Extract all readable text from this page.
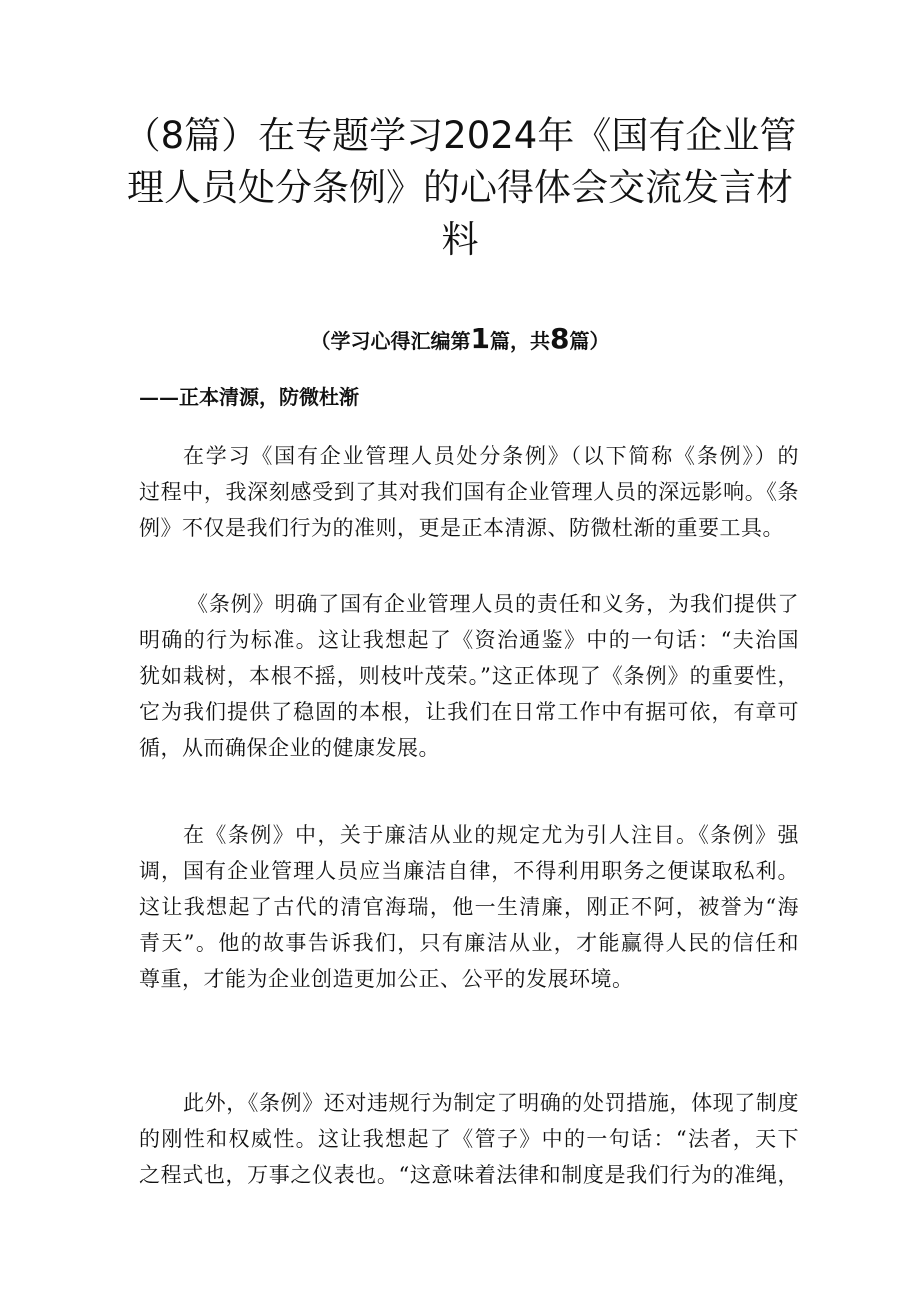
（8篇）在专题学习2024年《国有企业管
理人员处分条例》的心得体会交流发言材
料
（学习心得汇编第1篇，共8篇）
——正本清源，防微杜渐
在学习《国有企业管理人员处分条例》（以下简称《条例》）的
过程中，我深刻感受到了其对我们国有企业管理人员的深远影响。《条
例》不仅是我们行为的准则，更是正本清源、防微杜渐的重要工具。
《条例》明确了国有企业管理人员的责任和义务，为我们提供了
明确的行为标准。这让我想起了《资治通鉴》中的一句话：“夫治国
犹如栽树，本根不摇，则枝叶茂荣。”这正体现了《条例》的重要性，
它为我们提供了稳固的本根，让我们在日常工作中有据可依，有章可
循，从而确保企业的健康发展。
在《条例》中，关于廉洁从业的规定尤为引人注目。《条例》强
调，国有企业管理人员应当廉洁自律，不得利用职务之便谋取私利。
这让我想起了古代的清官海瑞，他一生清廉，刚正不阿，被誉为“海
青天”。他的故事告诉我们，只有廉洁从业，才能赢得人民的信任和
尊重，才能为企业创造更加公正、公平的发展环境。
此外，《条例》还对违规行为制定了明确的处罚措施，体现了制度
的刚性和权威性。这让我想起了《管子》中的一句话：“法者，天下
之程式也，万事之仪表也。“这意味着法律和制度是我们行为的准绳，
